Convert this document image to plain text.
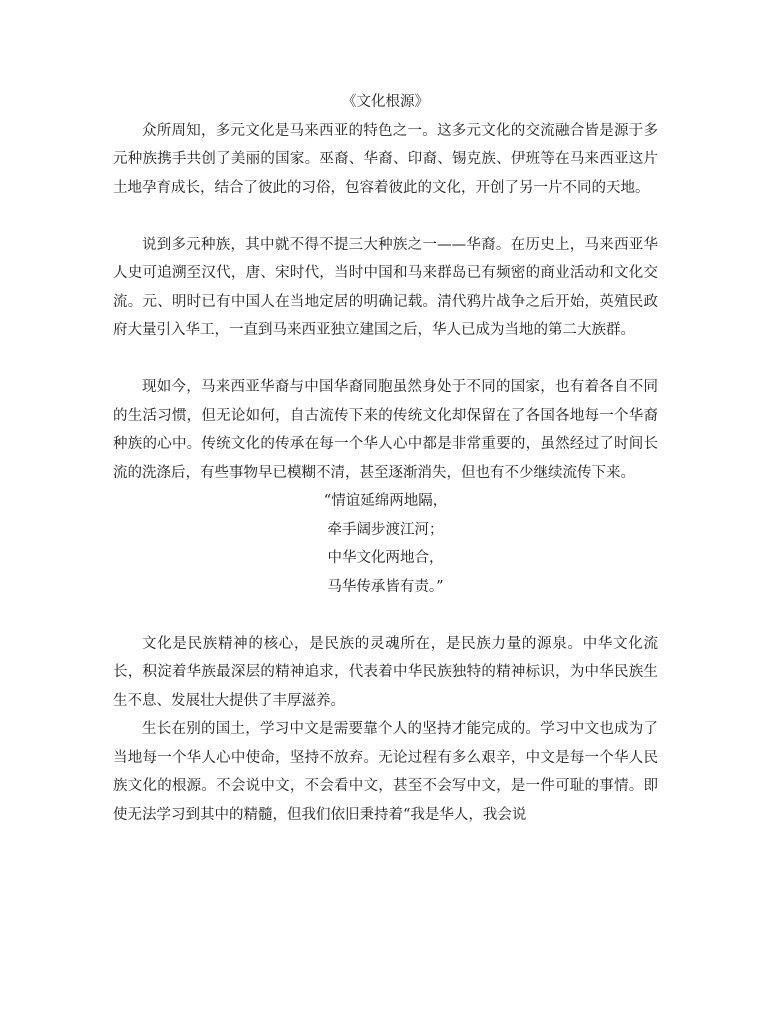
《文化根源》

众所周知，多元文化是马来西亚的特色之一。这多元文化的交流融合皆是源于多元种族携手共创了美丽的国家。巫裔、华裔、印裔、锡克族、伊班等在马来西亚这片土地孕育成长，结合了彼此的习俗，包容着彼此的文化，开创了另一片不同的天地。

说到多元种族，其中就不得不提三大种族之一——华裔。在历史上，马来西亚华人史可追溯至汉代，唐、宋时代，当时中国和马来群岛已有频密的商业活动和文化交流。元、明时已有中国人在当地定居的明确记载。清代鸦片战争之后开始，英殖民政府大量引入华工，一直到马来西亚独立建国之后，华人已成为当地的第二大族群。

现如今，马来西亚华裔与中国华裔同胞虽然身处于不同的国家，也有着各自不同的生活习惯，但无论如何，自古流传下来的传统文化却保留在了各国各地每一个华裔种族的心中。传统文化的传承在每一个华人心中都是非常重要的，虽然经过了时间长流的洗涤后，有些事物早已模糊不清，甚至逐渐消失，但也有不少继续流传下来。

“情谊延绵两地隔，
牵手阔步渡江河；
中华文化两地合，
马华传承皆有责。”

文化是民族精神的核心，是民族的灵魂所在，是民族力量的源泉。中华文化流长，积淀着华族最深层的精神追求，代表着中华民族独特的精神标识，为中华民族生生不息、发展壮大提供了丰厚滋养。

生长在别的国土，学习中文是需要靠个人的坚持才能完成的。学习中文也成为了当地每一个华人心中使命，坚持不放弃。无论过程有多么艰辛，中文是每一个华人民族文化的根源。不会说中文，不会看中文，甚至不会写中文，是一件可耻的事情。即使无法学习到其中的精髓，但我们依旧秉持着“我是华人，我会说
